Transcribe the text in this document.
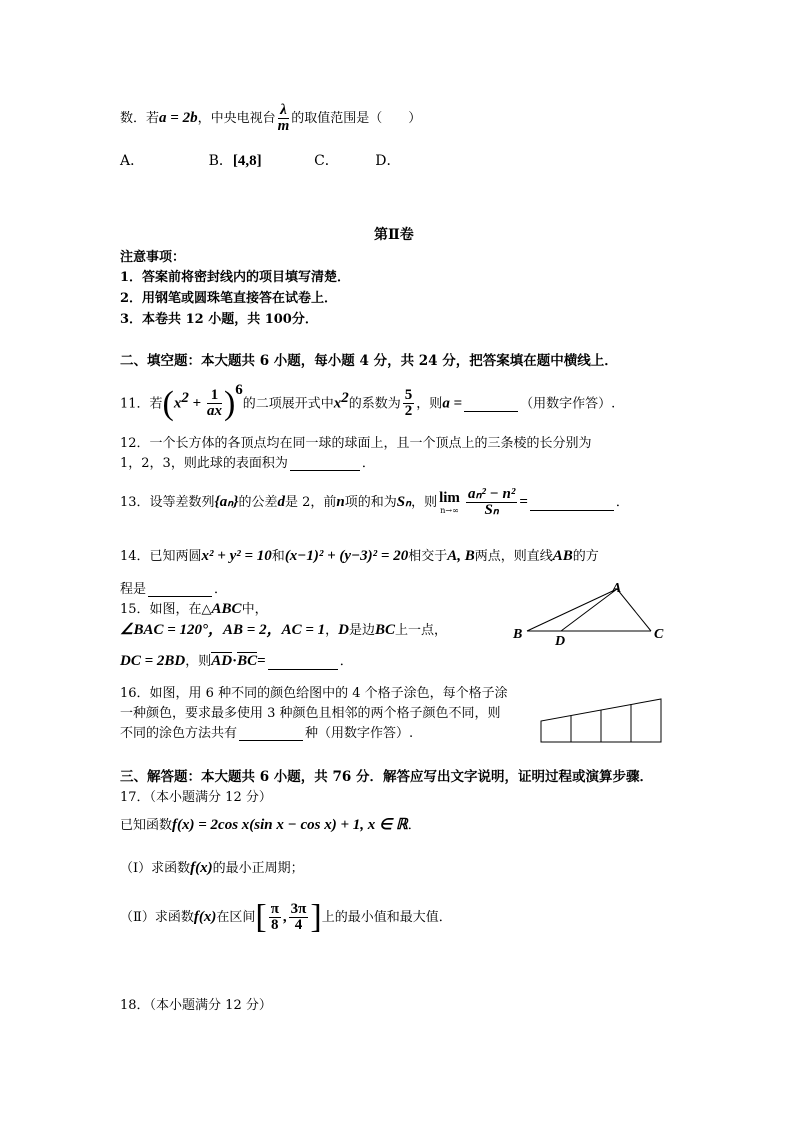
数．若a = 2b，中央电视台 $\frac{\lambda}{m}$ 的取值范围是（　　）
A．	B．[4,8]	C．	D．
第Ⅱ卷
注意事项：
1．答案前将密封线内的项目填写清楚．
2．用钢笔或圆珠笔直接答在试卷上．
3．本卷共 12 小题，共 100分．
二、填空题：本大题共 6 小题，每小题 4 分，共 24 分，把答案填在题中横线上．
11．若$(x^2 + \frac{1}{ax} )^6$的二项展开式中$x^2$的系数为 $\frac{5}{2}$ ，则a =	（用数字作答）.
12．一个长方体的各顶点均在同一球的球面上，且一个顶点上的三条棱的长分别为
1，2，3，则此球的表面积为	．
13．设等差数列{aₙ}的公差d是 2，前n项的和为Sₙ，则 lim
$n\to\infty \frac{\text{aₙ² − n²}}{\text{Sₙ}}$ =	．
14．已知两圆x² + y² = 10和(x−1)² + (y−3)² = 20相交于A, B两点，则直线AB的方
程是	．
15．如图，在△ABC中，
∠BAC = 120°，AB = 2，AC = 1，D是边BC上一点，
DC = 2BD，则AD·BC=	．
A
B	C
D
16．如图，用 6 种不同的颜色给图中的 4 个格子涂色，每个格子涂
一种颜色，要求最多使用 3 种颜色且相邻的两个格子颜色不同，则
不同的涂色方法共有	种（用数字作答）.
三、解答题：本大题共 6 小题，共 76 分．解答应写出文字说明，证明过程或演算步骤．
17．（本小题满分 12 分）
已知函数f(x) = 2cos x(sin x − cos x) + 1, x ∈ ℝ．
（Ⅰ）求函数f(x)的最小正周期；
（Ⅱ）求函数f(x)在区间[ $\frac{\pi}{8}$ , $\frac{3\pi}{4}$ ]上的最小值和最大值．
18．（本小题满分 12 分）
